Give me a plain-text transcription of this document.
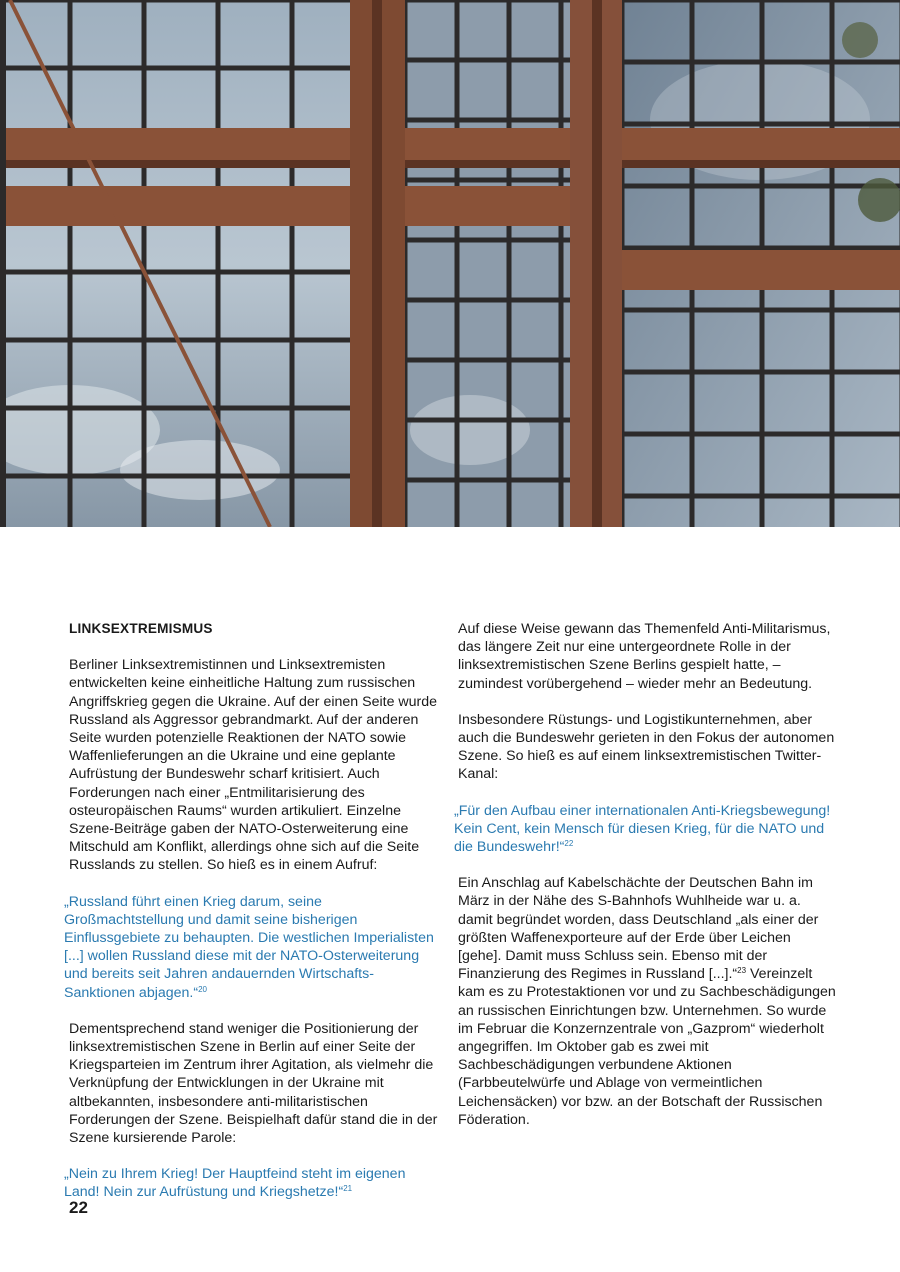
LINKSEXTREMISMUS

Berliner Linksextremistinnen und Linksextremisten entwickelten keine einheitliche Haltung zum russischen Angriffskrieg gegen die Ukraine. Auf der einen Seite wurde Russland als Aggressor gebrandmarkt. Auf der anderen Seite wurden potenzielle Reaktionen der NATO sowie Waffenlieferungen an die Ukraine und eine geplante Aufrüstung der Bundeswehr scharf kritisiert. Auch Forderungen nach einer „Entmilitarisierung des osteuropäischen Raums“ wurden artikuliert. Einzelne Szene-Beiträge gaben der NATO-Osterweiterung eine Mitschuld am Konflikt, allerdings ohne sich auf die Seite Russlands zu stellen. So hieß es in einem Aufruf:

„Russland führt einen Krieg darum, seine Großmachtstellung und damit seine bisherigen Einflussgebiete zu behaupten. Die westlichen Imperialisten [...] wollen Russland diese mit der NATO-Osterweiterung und bereits seit Jahren andauernden Wirtschafts-Sanktionen abjagen.“$^{20}$

Dementsprechend stand weniger die Positionierung der linksextremistischen Szene in Berlin auf einer Seite der Kriegsparteien im Zentrum ihrer Agitation, als vielmehr die Verknüpfung der Entwicklungen in der Ukraine mit altbekannten, insbesondere anti-militaristischen Forderungen der Szene. Beispielhaft dafür stand die in der Szene kursierende Parole:

„Nein zu Ihrem Krieg! Der Hauptfeind steht im eigenen Land! Nein zur Aufrüstung und Kriegshetze!“$^{21}$

Auf diese Weise gewann das Themenfeld Anti-Militarismus, das längere Zeit nur eine untergeordnete Rolle in der linksextremistischen Szene Berlins gespielt hatte, – zumindest vorübergehend – wieder mehr an Bedeutung.

Insbesondere Rüstungs- und Logistikunternehmen, aber auch die Bundeswehr gerieten in den Fokus der autonomen Szene. So hieß es auf einem linksextremistischen Twitter-Kanal:

„Für den Aufbau einer internationalen Anti-Kriegsbewegung! Kein Cent, kein Mensch für diesen Krieg, für die NATO und die Bundeswehr!“$^{22}$

Ein Anschlag auf Kabelschächte der Deutschen Bahn im März in der Nähe des S-Bahnhofs Wuhlheide war u. a. damit begründet worden, dass Deutschland „als einer der größten Waffenexporteure auf der Erde über Leichen [gehe]. Damit muss Schluss sein. Ebenso mit der Finanzierung des Regimes in Russland [...].“$^{23}$ Vereinzelt kam es zu Protestaktionen vor und zu Sachbeschädigungen an russischen Einrichtungen bzw. Unternehmen. So wurde im Februar die Konzernzentrale von „Gazprom“ wiederholt angegriffen. Im Oktober gab es zwei mit Sachbeschädigungen verbundene Aktionen (Farbbeutelwürfe und Ablage von vermeintlichen Leichensäcken) vor bzw. an der Botschaft der Russischen Föderation.

22
